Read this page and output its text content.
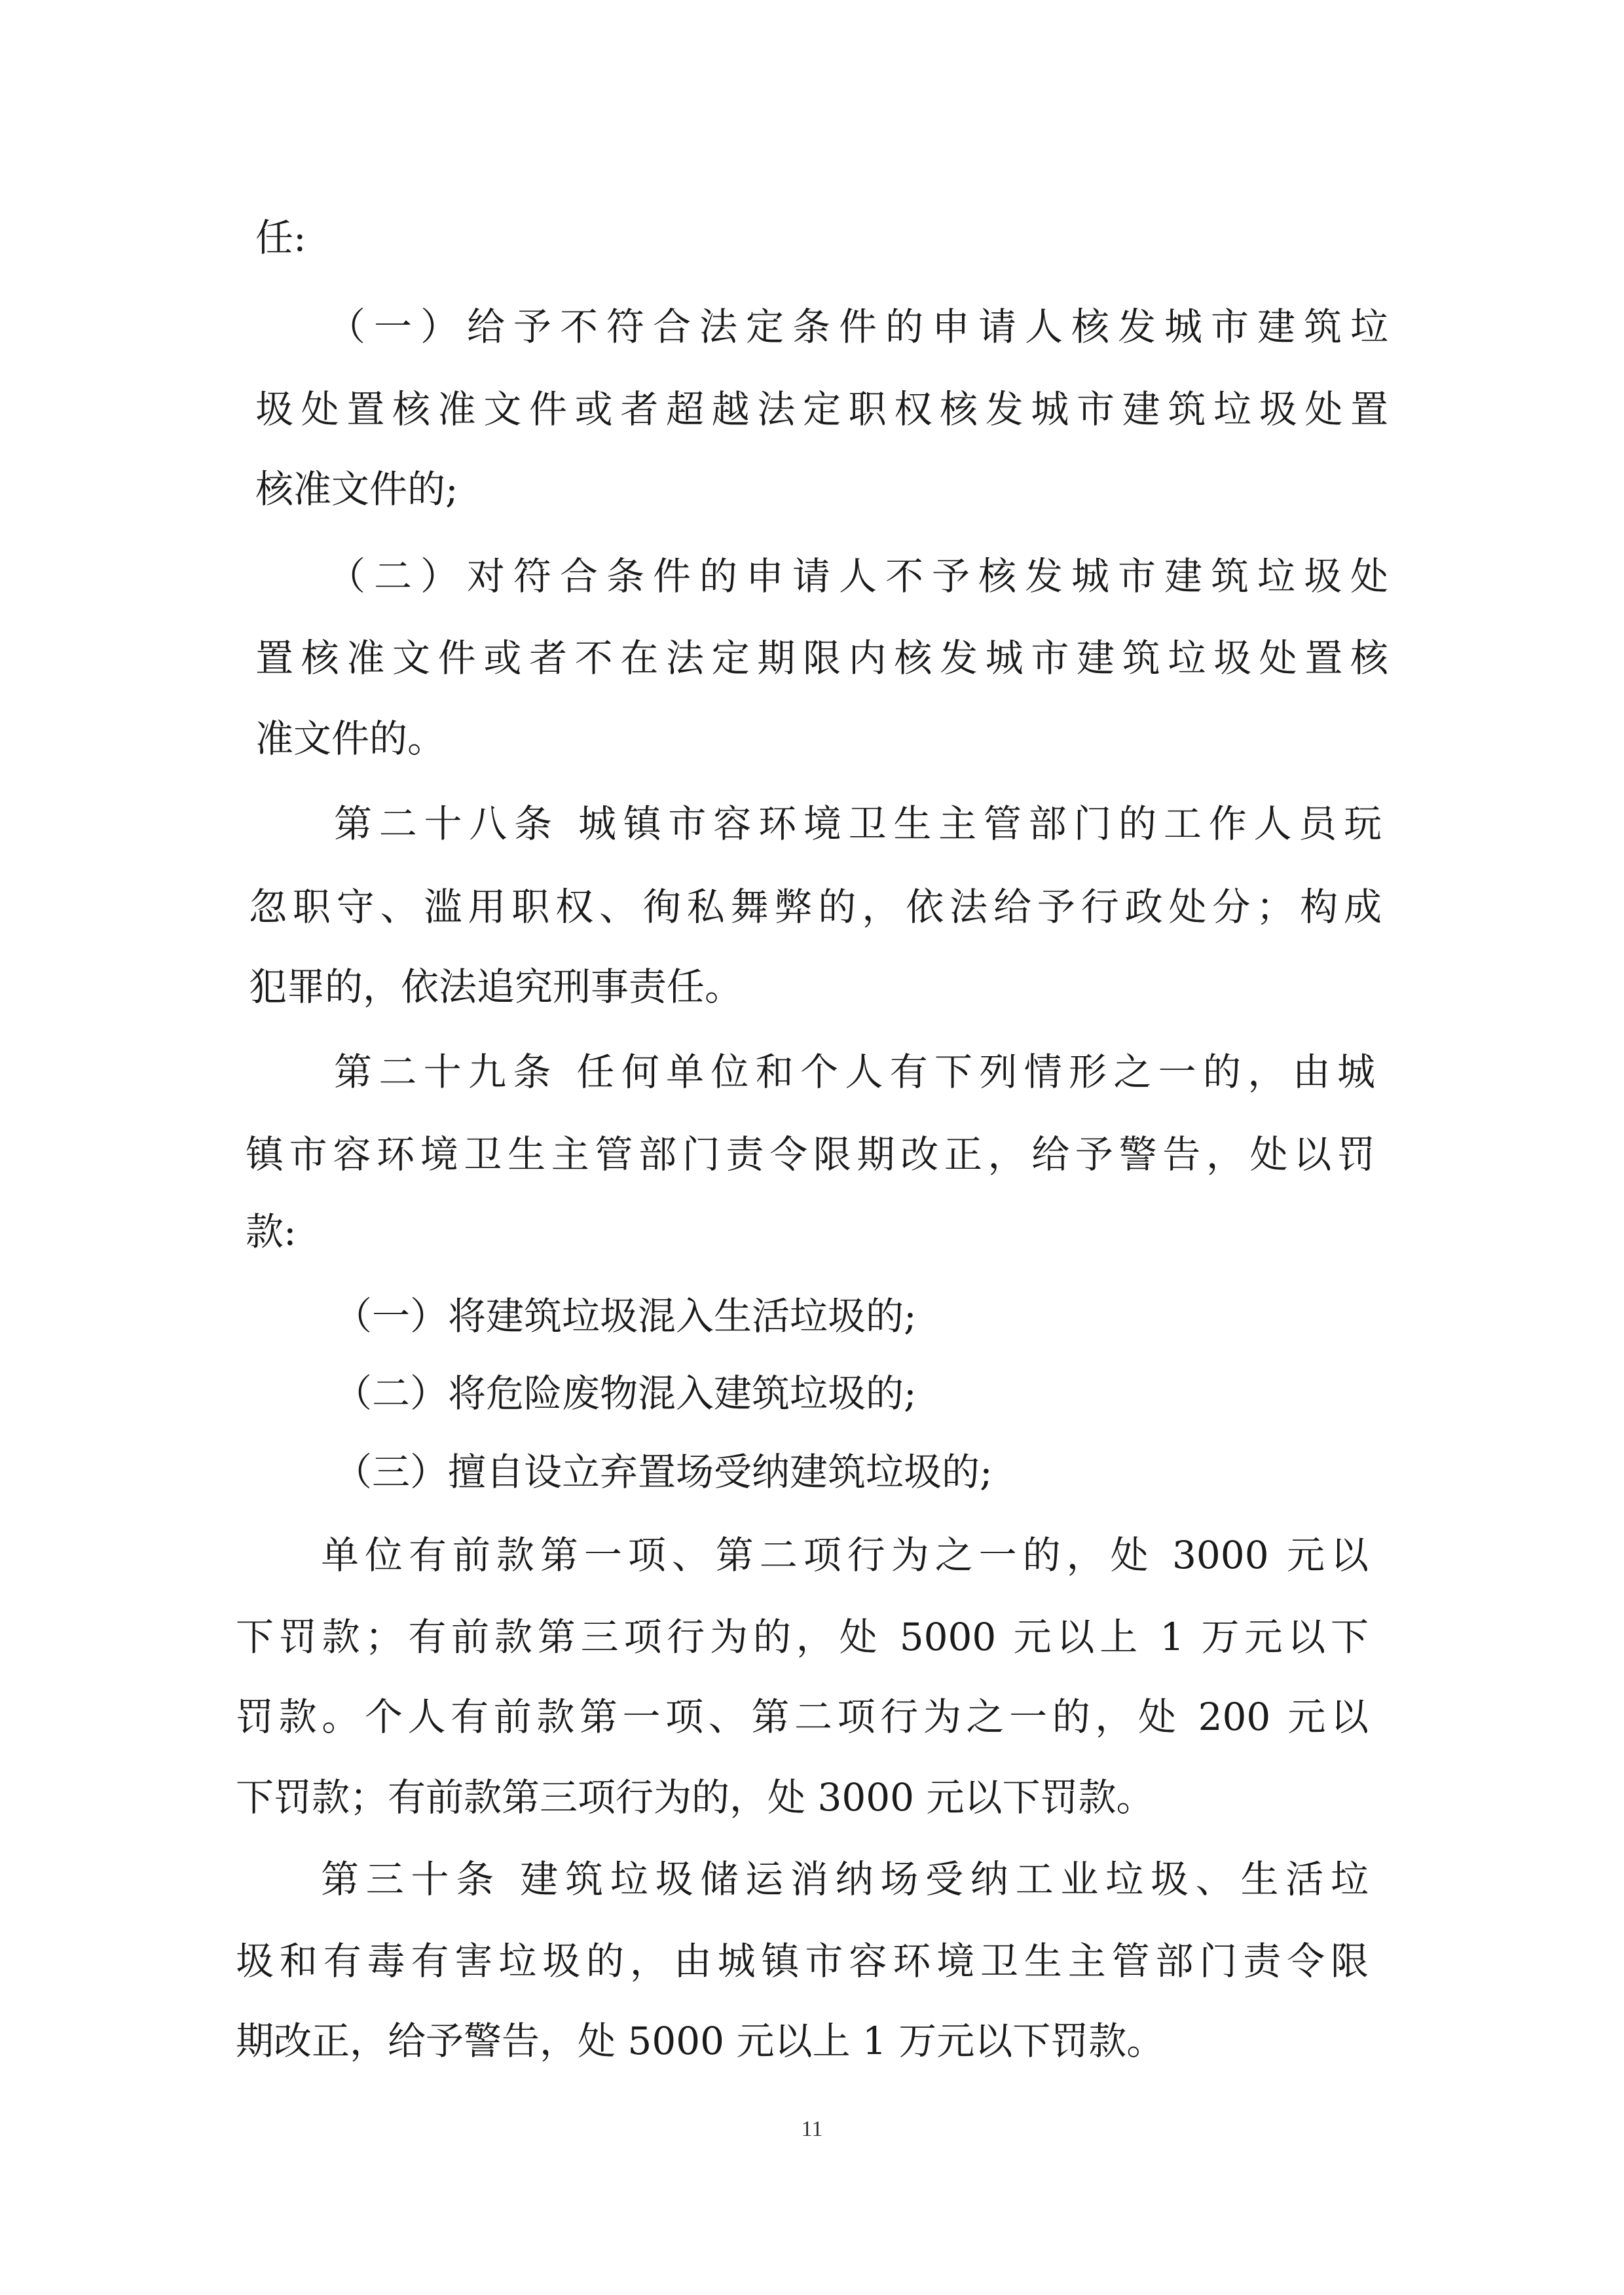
任:
（一）给予不符合法定条件的申请人核发城市建筑垃
圾处置核准文件或者超越法定职权核发城市建筑垃圾处置
核准文件的;
（二）对符合条件的申请人不予核发城市建筑垃圾处
置核准文件或者不在法定期限内核发城市建筑垃圾处置核
准文件的。
第二十八条 城镇市容环境卫生主管部门的工作人员玩
忽职守、滥用职权、徇私舞弊的，依法给予行政处分；构成
犯罪的，依法追究刑事责任。
第二十九条 任何单位和个人有下列情形之一的，由城
镇市容环境卫生主管部门责令限期改正，给予警告，处以罚
款:
（一）将建筑垃圾混入生活垃圾的;
（二）将危险废物混入建筑垃圾的;
（三）擅自设立弃置场受纳建筑垃圾的;
单位有前款第一项、第二项行为之一的，处 3000 元以
下罚款；有前款第三项行为的，处 5000 元以上 1 万元以下
罚款。个人有前款第一项、第二项行为之一的，处 200 元以
下罚款；有前款第三项行为的，处 3000 元以下罚款。
第三十条 建筑垃圾储运消纳场受纳工业垃圾、生活垃
圾和有毒有害垃圾的，由城镇市容环境卫生主管部门责令限
期改正，给予警告，处 5000 元以上 1 万元以下罚款。
11
